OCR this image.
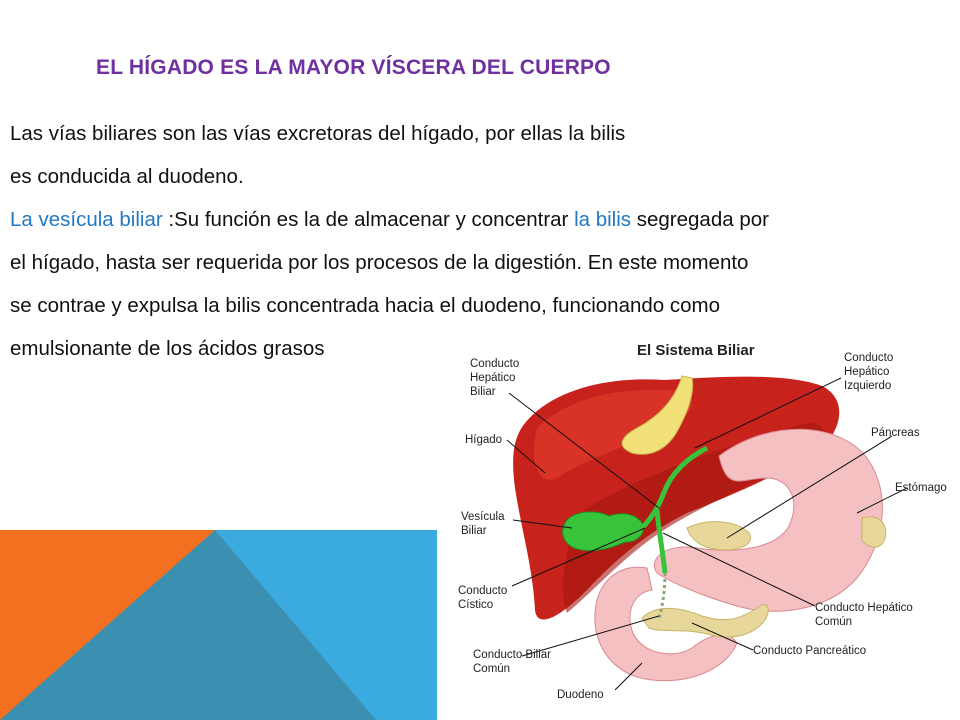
EL HÍGADO ES LA MAYOR VÍSCERA DEL CUERPO
Las vías biliares son las vías excretoras del hígado, por ellas la bilis
es conducida al duodeno.
La vesícula biliar :Su función es la de almacenar y concentrar la bilis segregada por
el hígado, hasta ser requerida por los procesos de la digestión. En este momento
se contrae y expulsa la bilis concentrada hacia el duodeno, funcionando como
emulsionante de los ácidos grasos	El Sistema Biliar
Conducto Hepático Biliar
Conducto Hepático Izquierdo
Hígado
Páncreas
Estómago
Vesícula Biliar
Conducto Cístico	Conducto Hepático Común
Conducto Biliar Común
Conducto Pancreático
Duodeno
